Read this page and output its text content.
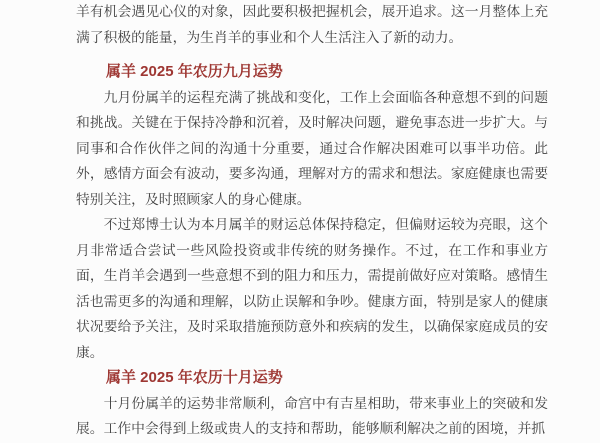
羊有机会遇见心仪的对象，因此要积极把握机会，展开追求。这一月整体上充满了积极的能量，为生肖羊的事业和个人生活注入了新的动力。

属羊 2025 年农历九月运势

九月份属羊的运程充满了挑战和变化，工作上会面临各种意想不到的问题和挑战。关键在于保持冷静和沉着，及时解决问题，避免事态进一步扩大。与同事和合作伙伴之间的沟通十分重要，通过合作解决困难可以事半功倍。此外，感情方面会有波动，要多沟通，理解对方的需求和想法。家庭健康也需要特别关注，及时照顾家人的身心健康。

不过郑博士认为本月属羊的财运总体保持稳定，但偏财运较为亮眼，这个月非常适合尝试一些风险投资或非传统的财务操作。不过，在工作和事业方面，生肖羊会遇到一些意想不到的阻力和压力，需提前做好应对策略。感情生活也需更多的沟通和理解，以防止误解和争吵。健康方面，特别是家人的健康状况要给予关注，及时采取措施预防意外和疾病的发生，以确保家庭成员的安康。

属羊 2025 年农历十月运势

十月份属羊的运势非常顺利，命宫中有吉星相助，带来事业上的突破和发展。工作中会得到上级或贵人的支持和帮助，能够顺利解决之前的困境，并抓
